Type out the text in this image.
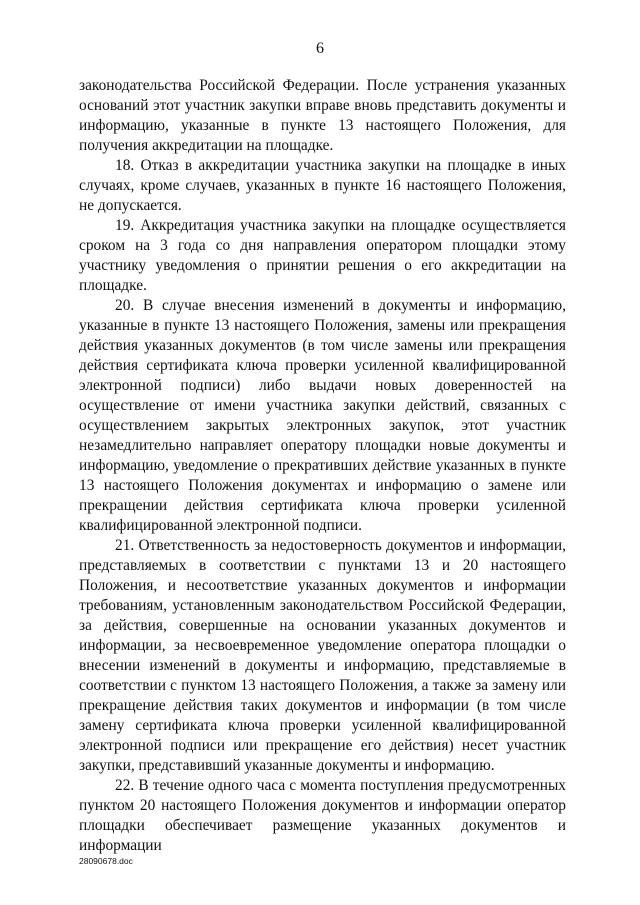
6

законодательства Российской Федерации. После устранения указанных оснований этот участник закупки вправе вновь представить документы и информацию, указанные в пункте 13 настоящего Положения, для получения аккредитации на площадке.

18. Отказ в аккредитации участника закупки на площадке в иных случаях, кроме случаев, указанных в пункте 16 настоящего Положения, не допускается.

19. Аккредитация участника закупки на площадке осуществляется сроком на 3 года со дня направления оператором площадки этому участнику уведомления о принятии решения о его аккредитации на площадке.

20. В случае внесения изменений в документы и информацию, указанные в пункте 13 настоящего Положения, замены или прекращения действия указанных документов (в том числе замены или прекращения действия сертификата ключа проверки усиленной квалифицированной электронной подписи) либо выдачи новых доверенностей на осуществление от имени участника закупки действий, связанных с осуществлением закрытых электронных закупок, этот участник незамедлительно направляет оператору площадки новые документы и информацию, уведомление о прекративших действие указанных в пункте 13 настоящего Положения документах и информацию о замене или прекращении действия сертификата ключа проверки усиленной квалифицированной электронной подписи.

21. Ответственность за недостоверность документов и информации, представляемых в соответствии с пунктами 13 и 20 настоящего Положения, и несоответствие указанных документов и информации требованиям, установленным законодательством Российской Федерации, за действия, совершенные на основании указанных документов и информации, за несвоевременное уведомление оператора площадки о внесении изменений в документы и информацию, представляемые в соответствии с пунктом 13 настоящего Положения, а также за замену или прекращение действия таких документов и информации (в том числе замену сертификата ключа проверки усиленной квалифицированной электронной подписи или прекращение его действия) несет участник закупки, представивший указанные документы и информацию.

22. В течение одного часа с момента поступления предусмотренных пунктом 20 настоящего Положения документов и информации оператор площадки обеспечивает размещение указанных документов и информации

28090678.doc
